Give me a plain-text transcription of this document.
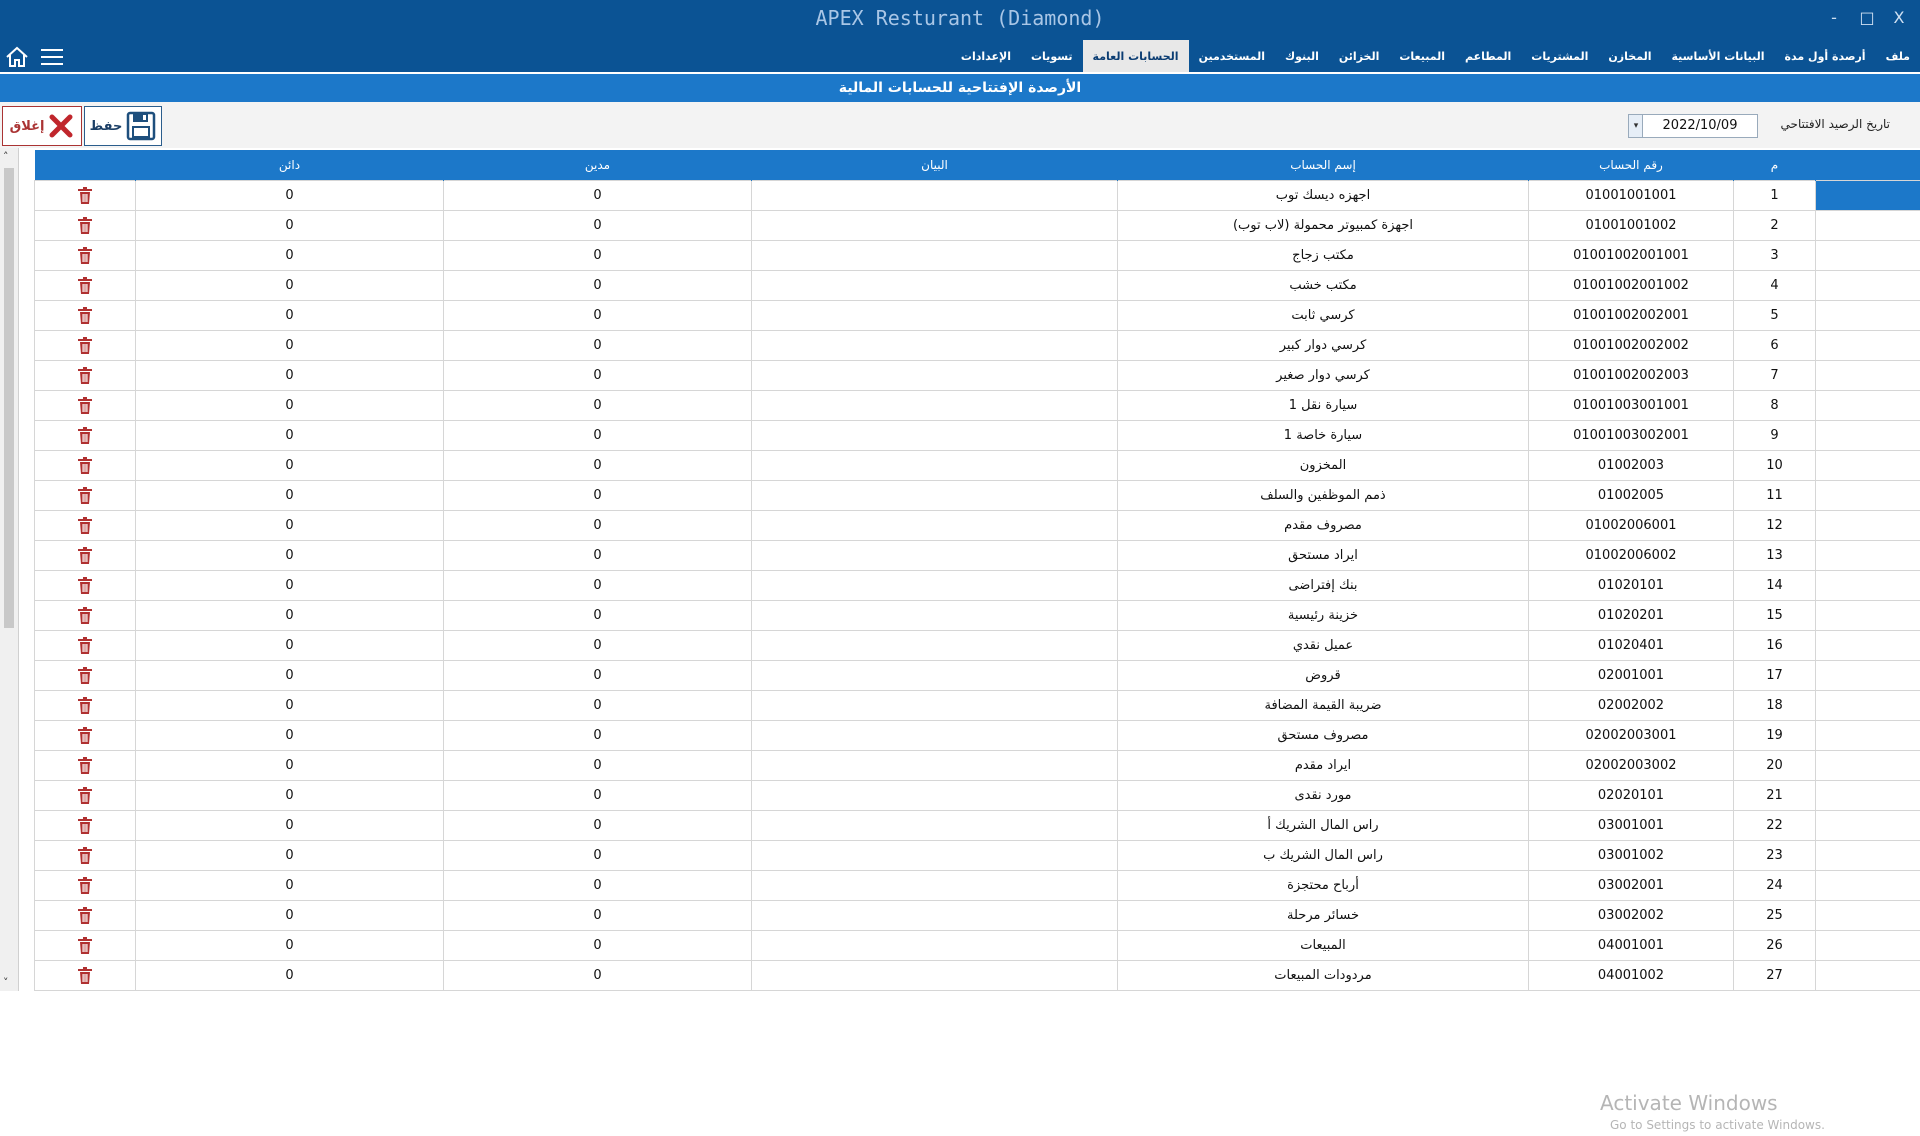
APEX Resturant (Diamond)	-	□	X
ملف
أرصدة أول مدة
البيانات الأساسية
المخازن
المشتريات
المطاعم
المبيعات
الخزائن
البنوك
المستخدمين
الحسابات العامة
تسويات
الإعدادات
الأرصدة الإفتتاحية للحسابات المالية
إغلاق	حفظ	▾	2022/10/09	تاريخ الرصيد الافتتاحي
˄
˅
	دائن	مدين	البيان	إسم الحساب	رقم الحساب	م	
	0	0		اجهزه ديسك توب	01001001001	1	
	0	0		اجهزة كمبيوتر محمولة (لاب توب)	01001001002	2	
	0	0		مكتب زجاج	01001002001001	3	
	0	0		مكتب خشب	01001002001002	4	
	0	0		كرسي ثابت	01001002002001	5	
	0	0		كرسي دوار كبير	01001002002002	6	
	0	0		كرسي دوار صغير	01001002002003	7	
	0	0		سيارة نقل 1	01001003001001	8	
	0	0		سيارة خاصة 1	01001003002001	9	
	0	0		المخزون	01002003	10	
	0	0		ذمم الموظفين والسلف	01002005	11	
	0	0		مصروف مقدم	01002006001	12	
	0	0		ايراد مستحق	01002006002	13	
	0	0		بنك إفتراضى	01020101	14	
	0	0		خزينة رئيسية	01020201	15	
	0	0		عميل نقدي	01020401	16	
	0	0		قروض	02001001	17	
	0	0		ضريبة القيمة المضافة	02002002	18	
	0	0		مصروف مستحق	02002003001	19	
	0	0		ايراد مقدم	02002003002	20	
	0	0		مورد نقدى	02020101	21	
	0	0		راس المال الشريك أ	03001001	22	
	0	0		راس المال الشريك ب	03001002	23	
	0	0		أرباح محتجزة	03002001	24	
	0	0		خسائر مرحلة	03002002	25	
	0	0		المبيعات	04001001	26	
	0	0		مردودات المبيعات	04001002	27	
Activate Windows
Go to Settings to activate Windows.
